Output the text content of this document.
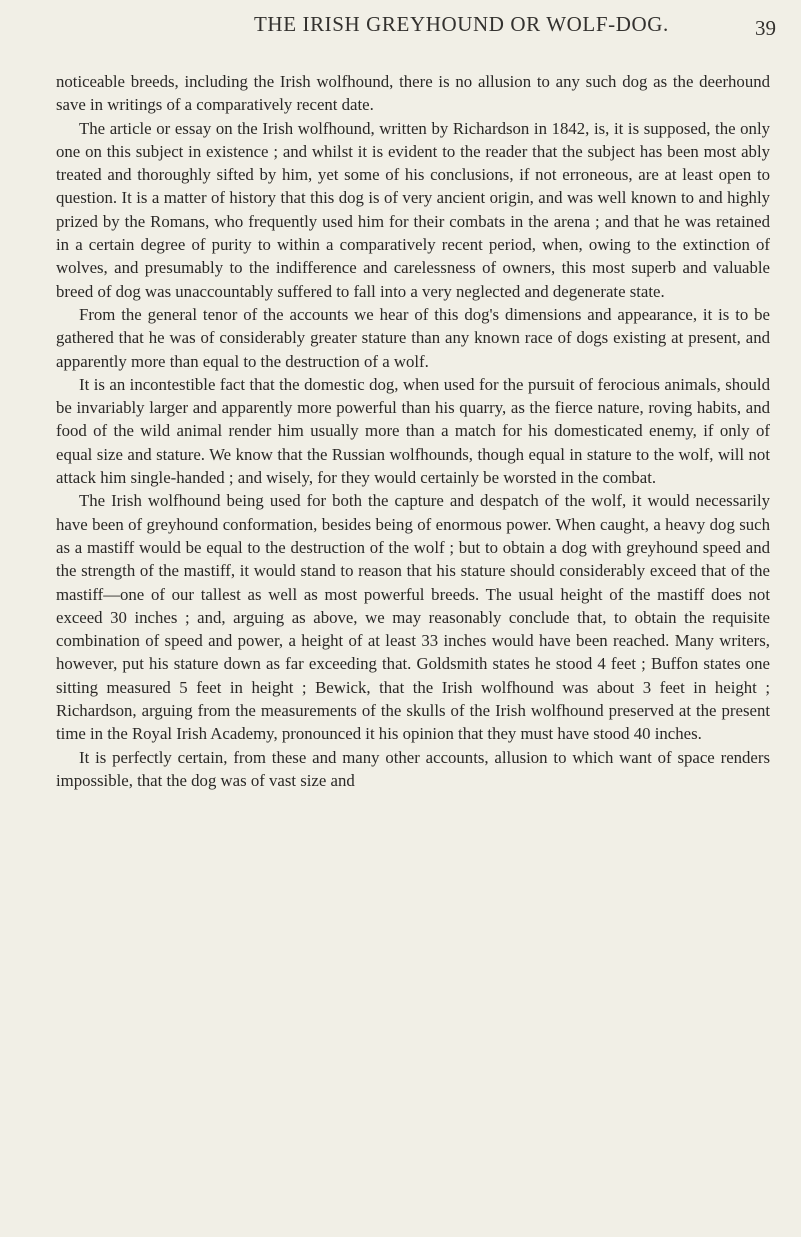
THE IRISH GREYHOUND OR WOLF-DOG.	39

noticeable breeds, including the Irish wolfhound, there is no allusion to any such dog as the deerhound save in writings of a comparatively recent date.

The article or essay on the Irish wolfhound, written by Richardson in 1842, is, it is supposed, the only one on this subject in existence ; and whilst it is evident to the reader that the subject has been most ably treated and thoroughly sifted by him, yet some of his conclusions, if not erroneous, are at least open to question. It is a matter of history that this dog is of very ancient origin, and was well known to and highly prized by the Romans, who frequently used him for their combats in the arena ; and that he was retained in a certain degree of purity to within a comparatively recent period, when, owing to the extinction of wolves, and presumably to the indifference and carelessness of owners, this most superb and valuable breed of dog was unaccountably suffered to fall into a very neglected and degenerate state.

From the general tenor of the accounts we hear of this dog's dimensions and appearance, it is to be gathered that he was of considerably greater stature than any known race of dogs existing at present, and apparently more than equal to the destruction of a wolf.

It is an incontestible fact that the domestic dog, when used for the pursuit of ferocious animals, should be invariably larger and apparently more powerful than his quarry, as the fierce nature, roving habits, and food of the wild animal render him usually more than a match for his domesticated enemy, if only of equal size and stature. We know that the Russian wolfhounds, though equal in stature to the wolf, will not attack him single-handed ; and wisely, for they would certainly be worsted in the combat.

The Irish wolfhound being used for both the capture and despatch of the wolf, it would necessarily have been of greyhound conformation, besides being of enormous power. When caught, a heavy dog such as a mastiff would be equal to the destruction of the wolf ; but to obtain a dog with greyhound speed and the strength of the mastiff, it would stand to reason that his stature should considerably exceed that of the mastiff—one of our tallest as well as most powerful breeds. The usual height of the mastiff does not exceed 30 inches ; and, arguing as above, we may reasonably conclude that, to obtain the requisite combination of speed and power, a height of at least 33 inches would have been reached. Many writers, however, put his stature down as far exceeding that. Goldsmith states he stood 4 feet ; Buffon states one sitting measured 5 feet in height ; Bewick, that the Irish wolfhound was about 3 feet in height ; Richardson, arguing from the measurements of the skulls of the Irish wolfhound preserved at the present time in the Royal Irish Academy, pronounced it his opinion that they must have stood 40 inches.

It is perfectly certain, from these and many other accounts, allusion to which want of space renders impossible, that the dog was of vast size and
